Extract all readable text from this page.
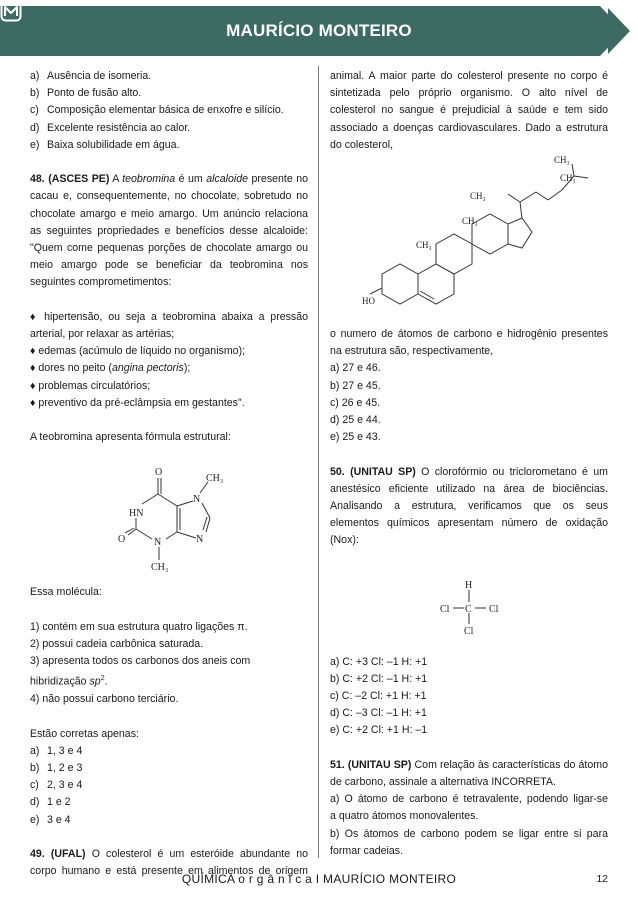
MAURÍCIO MONTEIRO
a) Ausência de isomeria.
b) Ponto de fusão alto.
c) Composição elementar básica de enxofre e silício.
d) Excelente resistência ao calor.
e) Baixa solubilidade em água.
48. (ASCES PE) A teobromina é um alcaloide presente no
cacau e, consequentemente, no chocolate, sobretudo no
chocolate amargo e meio amargo. Um anúncio relaciona
as seguintes propriedades e benefícios desse alcaloide:
"Quem come pequenas porções de chocolate amargo ou
meio amargo pode se beneficiar da teobromina nos
seguintes comprometimentos:
♦ hipertensão, ou seja a teobromina abaixa a pressão
arterial, por relaxar as artérias;
♦ edemas (acúmulo de líquido no organismo);
♦ dores no peito (angina pectoris);
♦ problemas circulatórios;
♦ preventivo da pré-eclâmpsia em gestantes".
A teobromina apresenta fórmula estrutural:
O
CH₃
N
HN
O	N	N
CH₃
Essa molécula:
1) contém em sua estrutura quatro ligações π.
2) possui cadeia carbônica saturada.
3) apresenta todos os carbonos dos aneis com
hibridização $sp^2$.
4) não possui carbono terciário.
Estão corretas apenas:
a) 1, 3 e 4
b) 1, 2 e 3
c) 2, 3 e 4
d) 1 e 2
e) 3 e 4
49. (UFAL) O colesterol é um esteróide abundante no
corpo humano e está presente em alimentos de origem
animal. A maior parte do colesterol presente no corpo é
sintetizada pelo próprio organismo. O alto nível de
colesterol no sangue é prejudicial à saúde e tem sido
associado a doenças cardiovasculares. Dado a estrutura
do colesterol,
CH₃
CH₃
CH₃
CH₃
CH₃
HO
o numero de átomos de carbono e hidrogênio presentes
na estrutura são, respectivamente,
a) 27 e 46.
b) 27 e 45.
c) 26 e 45.
d) 25 e 44.
e) 25 e 43.
50. (UNITAU SP) O clorofórmio ou triclorometano é um
anestésico eficiente utilizado na área de biociências.
Analisando a estrutura, verificamos que os seus
elementos químicos apresentam número de oxidação
(Nox):
H
Cl C Cl
Cl
a) C: +3 Cl: –1 H: +1
b) C: +2 Cl: –1 H: +1
c) C: –2 Cl: +1 H: +1
d) C: –3 Cl: –1 H: +1
e) C: +2 Cl: +1 H: –1
51. (UNITAU SP) Com relação às características do átomo
de carbono, assinale a alternativa INCORRETA.
a) O átomo de carbono é tetravalente, podendo ligar-se
a quatro átomos monovalentes.
b) Os átomos de carbono podem se ligar entre si para
formar cadeias.
QUÍMICA o r g â n i c a I MAURÍCIO MONTEIRO	12
